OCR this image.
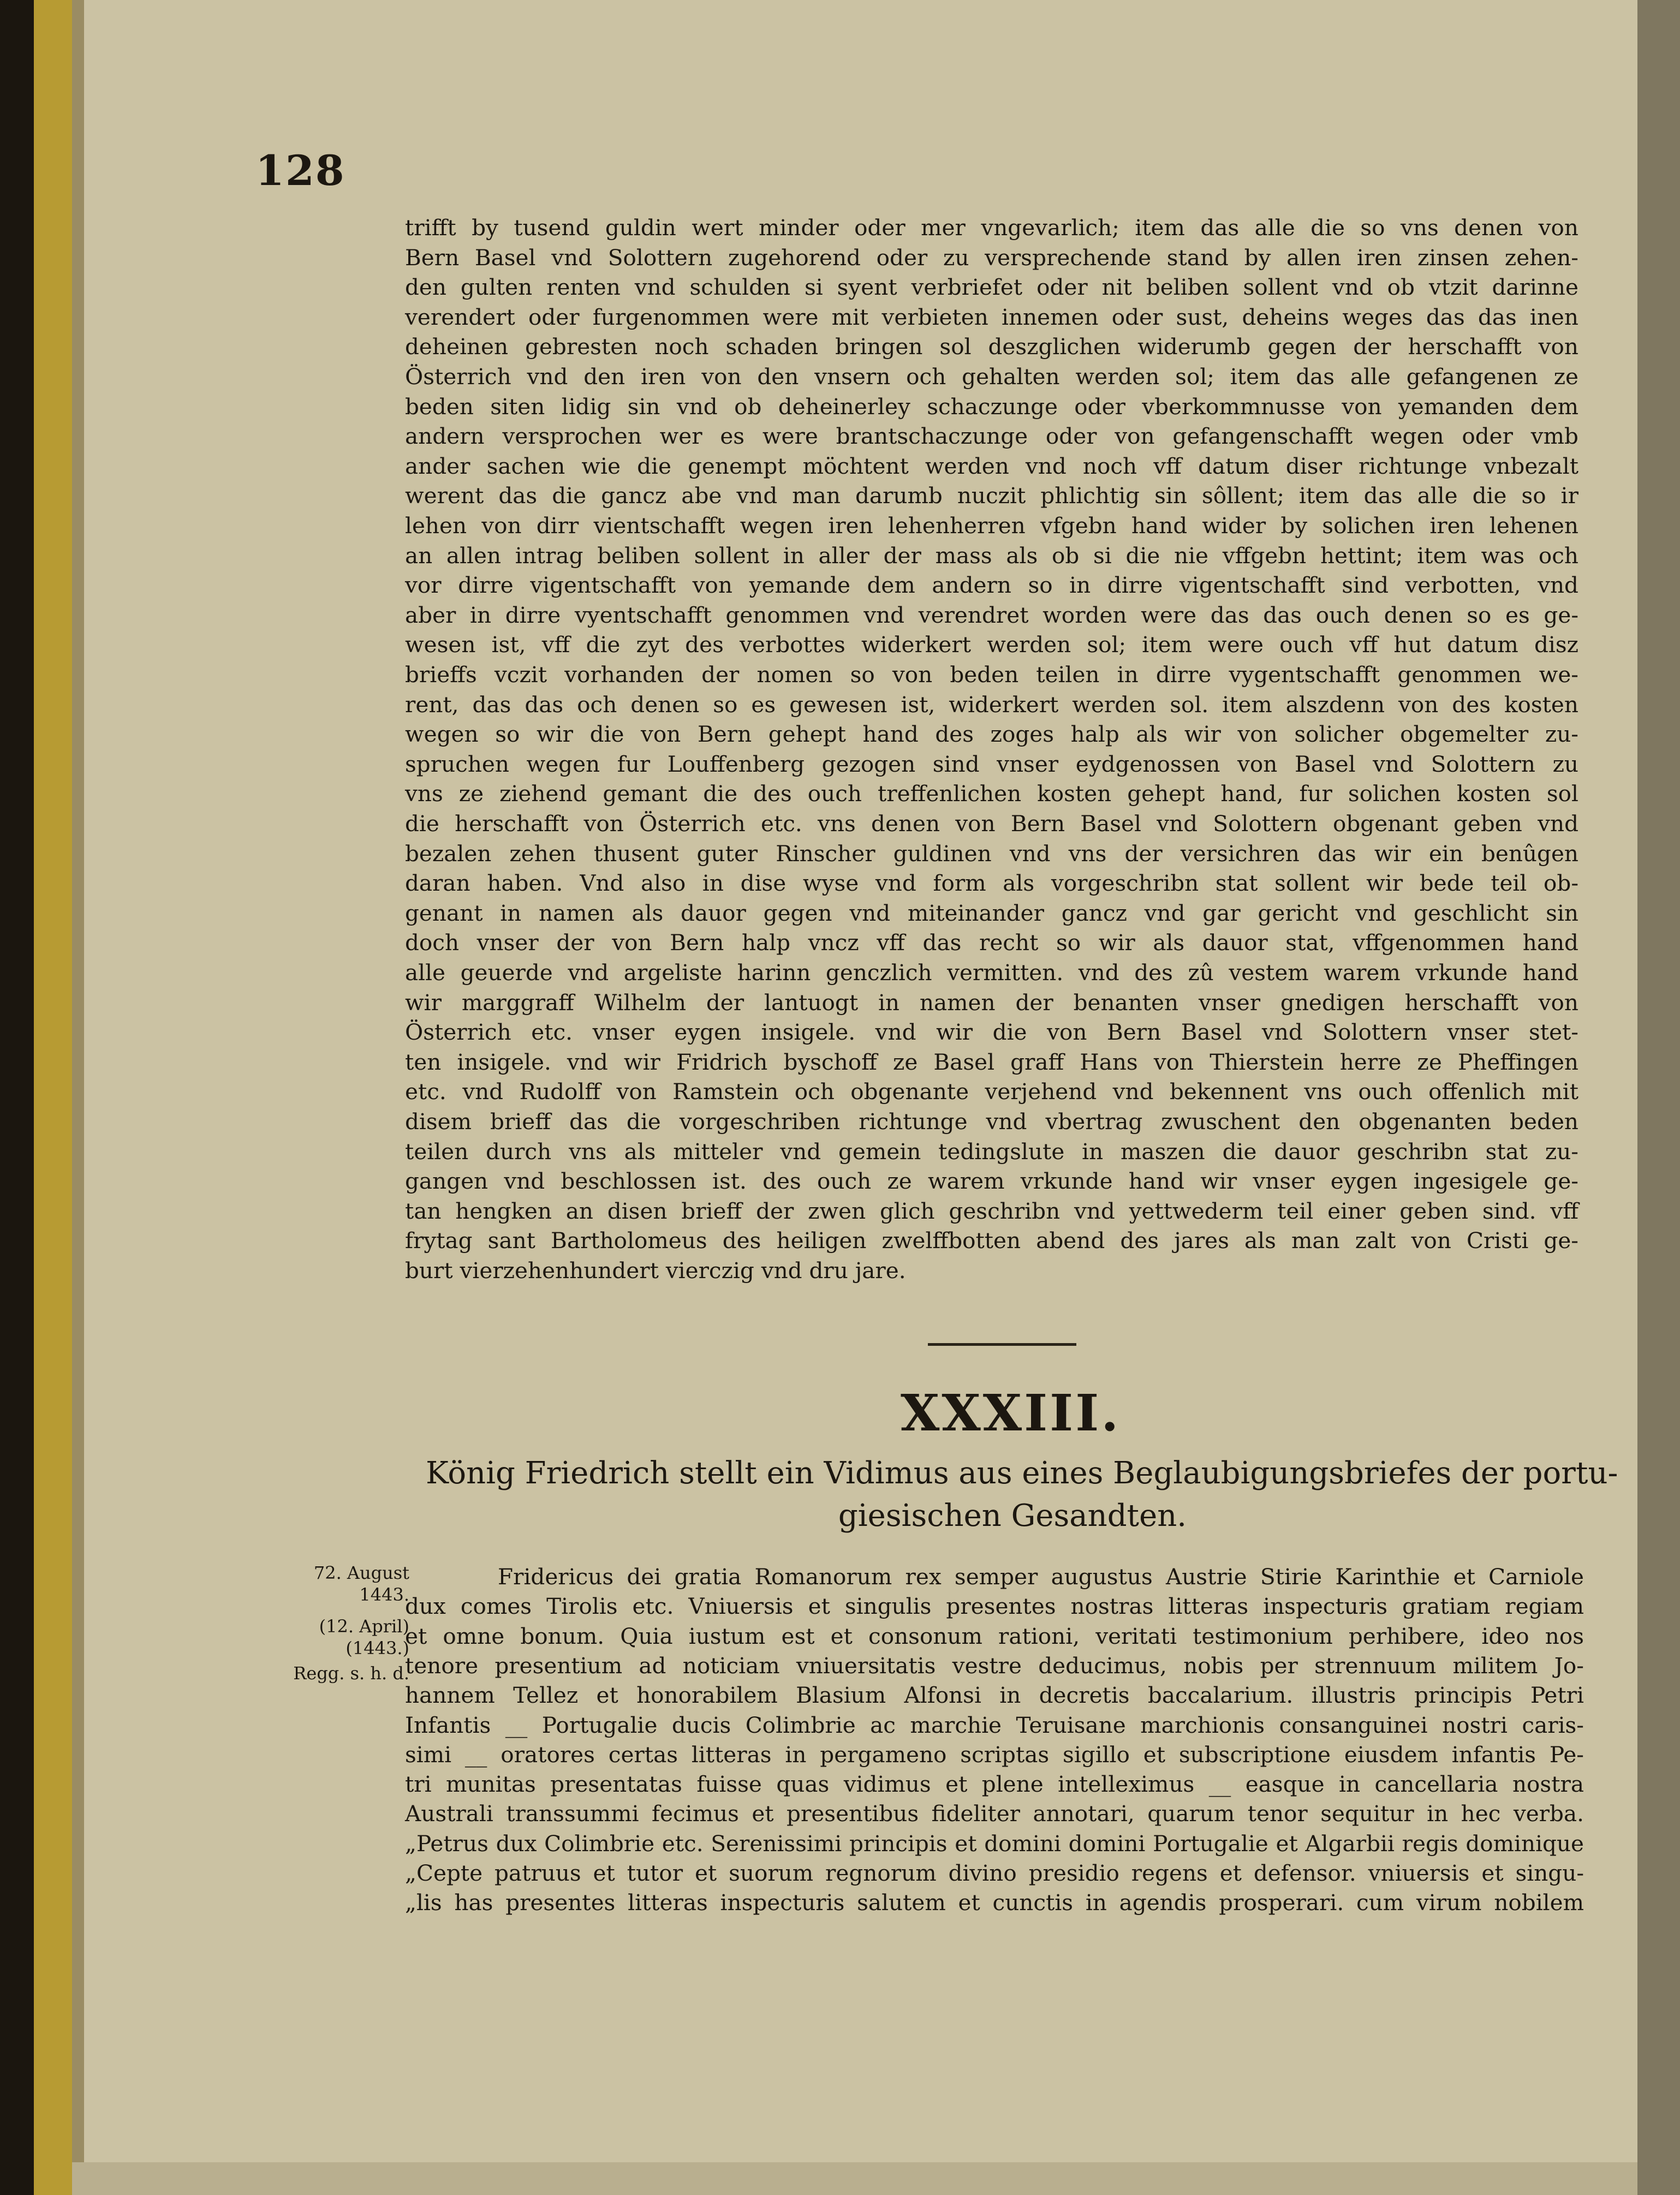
128
trifft by tusend guldin wert minder oder mer vngevarlich; item das alle die so vns denen von
Bern Basel vnd Solottern zugehorend oder zu versprechende stand by allen iren zinsen zehen-
den gulten renten vnd schulden si syent verbriefet oder nit beliben sollent vnd ob vtzit darinne
verendert oder furgenommen were mit verbieten innemen oder sust, deheins weges das das inen
deheinen gebresten noch schaden bringen sol deszglichen widerumb gegen der herschafft von
Österrich vnd den iren von den vnsern och gehalten werden sol; item das alle gefangenen ze
beden siten lidig sin vnd ob deheinerley schaczunge oder vberkommnusse von yemanden dem
andern versprochen wer es were brantschaczunge oder von gefangenschafft wegen oder vmb
ander sachen wie die genempt möchtent werden vnd noch vff datum diser richtunge vnbezalt
werent das die gancz abe vnd man darumb nuczit phlichtig sin sôllent; item das alle die so ir
lehen von dirr vientschafft wegen iren lehenherren vfgebn hand wider by solichen iren lehenen
an allen intrag beliben sollent in aller der mass als ob si die nie vffgebn hettint; item was och
vor dirre vigentschafft von yemande dem andern so in dirre vigentschafft sind verbotten, vnd
aber in dirre vyentschafft genommen vnd verendret worden were das das ouch denen so es ge-
wesen ist, vff die zyt des verbottes widerkert werden sol; item were ouch vff hut datum disz
brieffs vczit vorhanden der nomen so von beden teilen in dirre vygentschafft genommen we-
rent, das das och denen so es gewesen ist, widerkert werden sol. item alszdenn von des kosten
wegen so wir die von Bern gehept hand des zoges halp als wir von solicher obgemelter zu-
spruchen wegen fur Louffenberg gezogen sind vnser eydgenossen von Basel vnd Solottern zu
vns ze ziehend gemant die des ouch treffenlichen kosten gehept hand, fur solichen kosten sol
die herschafft von Österrich etc. vns denen von Bern Basel vnd Solottern obgenant geben vnd
bezalen zehen thusent guter Rinscher guldinen vnd vns der versichren das wir ein benûgen
daran haben. Vnd also in dise wyse vnd form als vorgeschribn stat sollent wir bede teil ob-
genant in namen als dauor gegen vnd miteinander gancz vnd gar gericht vnd geschlicht sin
doch vnser der von Bern halp vncz vff das recht so wir als dauor stat, vffgenommen hand
alle geuerde vnd argeliste harinn genczlich vermitten. vnd des zû vestem warem vrkunde hand
wir marggraff Wilhelm der lantuogt in namen der benanten vnser gnedigen herschafft von
Österrich etc. vnser eygen insigele. vnd wir die von Bern Basel vnd Solottern vnser stet-
ten insigele. vnd wir Fridrich byschoff ze Basel graff Hans von Thierstein herre ze Pheffingen
etc. vnd Rudolff von Ramstein och obgenante verjehend vnd bekennent vns ouch offenlich mit
disem brieff das die vorgeschriben richtunge vnd vbertrag zwuschent den obgenanten beden
teilen durch vns als mitteler vnd gemein tedingslute in maszen die dauor geschribn stat zu-
gangen vnd beschlossen ist. des ouch ze warem vrkunde hand wir vnser eygen ingesigele ge-
tan hengken an disen brieff der zwen glich geschribn vnd yettwederm teil einer geben sind. vff
frytag sant Bartholomeus des heiligen zwelffbotten abend des jares als man zalt von Cristi ge-
burt vierzehenhundert vierczig vnd dru jare.
XXXIII.
König Friedrich stellt ein Vidimus aus eines Beglaubigungsbriefes der portu-
giesischen Gesandten.
72. August
1443.
(12. April)
(1443.)
Regg. s. h. d.
Fridericus dei gratia Romanorum rex semper augustus Austrie Stirie Karinthie et Carniole
dux comes Tirolis etc. Vniuersis et singulis presentes nostras litteras inspecturis gratiam regiam
et omne bonum. Quia iustum est et consonum rationi, veritati testimonium perhibere, ideo nos
tenore presentium ad noticiam vniuersitatis vestre deducimus, nobis per strennuum militem Jo-
hannem Tellez et honorabilem Blasium Alfonsi in decretis baccalarium. illustris principis Petri
Infantis __ Portugalie ducis Colimbrie ac marchie Teruisane marchionis consanguinei nostri caris-
simi __ oratores certas litteras in pergameno scriptas sigillo et subscriptione eiusdem infantis Pe-
tri munitas presentatas fuisse quas vidimus et plene intelleximus __ easque in cancellaria nostra
Australi transsummi fecimus et presentibus fideliter annotari, quarum tenor sequitur in hec verba.
„Petrus dux Colimbrie etc. Serenissimi principis et domini domini Portugalie et Algarbii regis dominique
„Cepte patruus et tutor et suorum regnorum divino presidio regens et defensor. vniuersis et singu-
„lis has presentes litteras inspecturis salutem et cunctis in agendis prosperari. cum virum nobilem
